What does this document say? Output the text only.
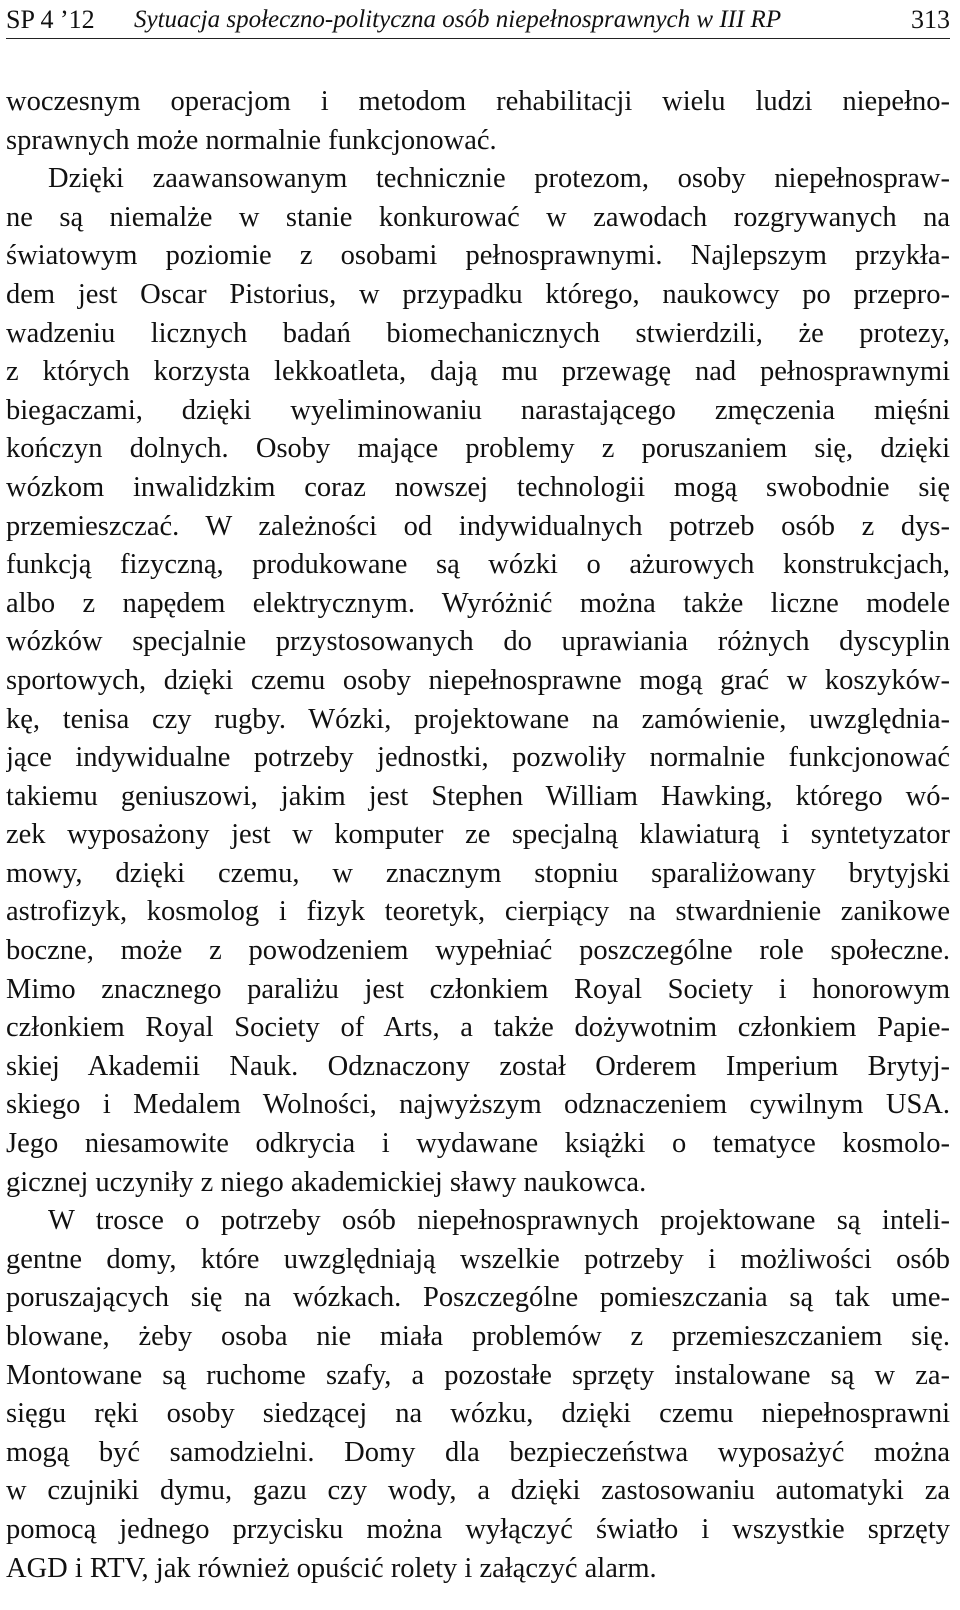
SP 4 ’12 Sytuacja społeczno-polityczna osób niepełnosprawnych w III RP	313
woczesnym operacjom i metodom rehabilitacji wielu ludzi niepełno-
sprawnych może normalnie funkcjonować.
Dzięki zaawansowanym technicznie protezom, osoby niepełnospraw-
ne są niemalże w stanie konkurować w zawodach rozgrywanych na
światowym poziomie z osobami pełnosprawnymi. Najlepszym przykła-
dem jest Oscar Pistorius, w przypadku którego, naukowcy po przepro-
wadzeniu licznych badań biomechanicznych stwierdzili, że protezy,
z których korzysta lekkoatleta, dają mu przewagę nad pełnosprawnymi
biegaczami, dzięki wyeliminowaniu narastającego zmęczenia mięśni
kończyn dolnych. Osoby mające problemy z poruszaniem się, dzięki
wózkom inwalidzkim coraz nowszej technologii mogą swobodnie się
przemieszczać. W zależności od indywidualnych potrzeb osób z dys-
funkcją fizyczną, produkowane są wózki o ażurowych konstrukcjach,
albo z napędem elektrycznym. Wyróżnić można także liczne modele
wózków specjalnie przystosowanych do uprawiania różnych dyscyplin
sportowych, dzięki czemu osoby niepełnosprawne mogą grać w koszyków-
kę, tenisa czy rugby. Wózki, projektowane na zamówienie, uwzględnia-
jące indywidualne potrzeby jednostki, pozwoliły normalnie funkcjonować
takiemu geniuszowi, jakim jest Stephen William Hawking, którego wó-
zek wyposażony jest w komputer ze specjalną klawiaturą i syntetyzator
mowy, dzięki czemu, w znacznym stopniu sparaliżowany brytyjski
astrofizyk, kosmolog i fizyk teoretyk, cierpiący na stwardnienie zanikowe
boczne, może z powodzeniem wypełniać poszczególne role społeczne.
Mimo znacznego paraliżu jest członkiem Royal Society i honorowym
członkiem Royal Society of Arts, a także dożywotnim członkiem Papie-
skiej Akademii Nauk. Odznaczony został Orderem Imperium Brytyj-
skiego i Medalem Wolności, najwyższym odznaczeniem cywilnym USA.
Jego niesamowite odkrycia i wydawane książki o tematyce kosmolo-
gicznej uczyniły z niego akademickiej sławy naukowca.
W trosce o potrzeby osób niepełnosprawnych projektowane są inteli-
gentne domy, które uwzględniają wszelkie potrzeby i możliwości osób
poruszających się na wózkach. Poszczególne pomieszczania są tak ume-
blowane, żeby osoba nie miała problemów z przemieszczaniem się.
Montowane są ruchome szafy, a pozostałe sprzęty instalowane są w za-
sięgu ręki osoby siedzącej na wózku, dzięki czemu niepełnosprawni
mogą być samodzielni. Domy dla bezpieczeństwa wyposażyć można
w czujniki dymu, gazu czy wody, a dzięki zastosowaniu automatyki za
pomocą jednego przycisku można wyłączyć światło i wszystkie sprzęty
AGD i RTV, jak również opuścić rolety i załączyć alarm.
